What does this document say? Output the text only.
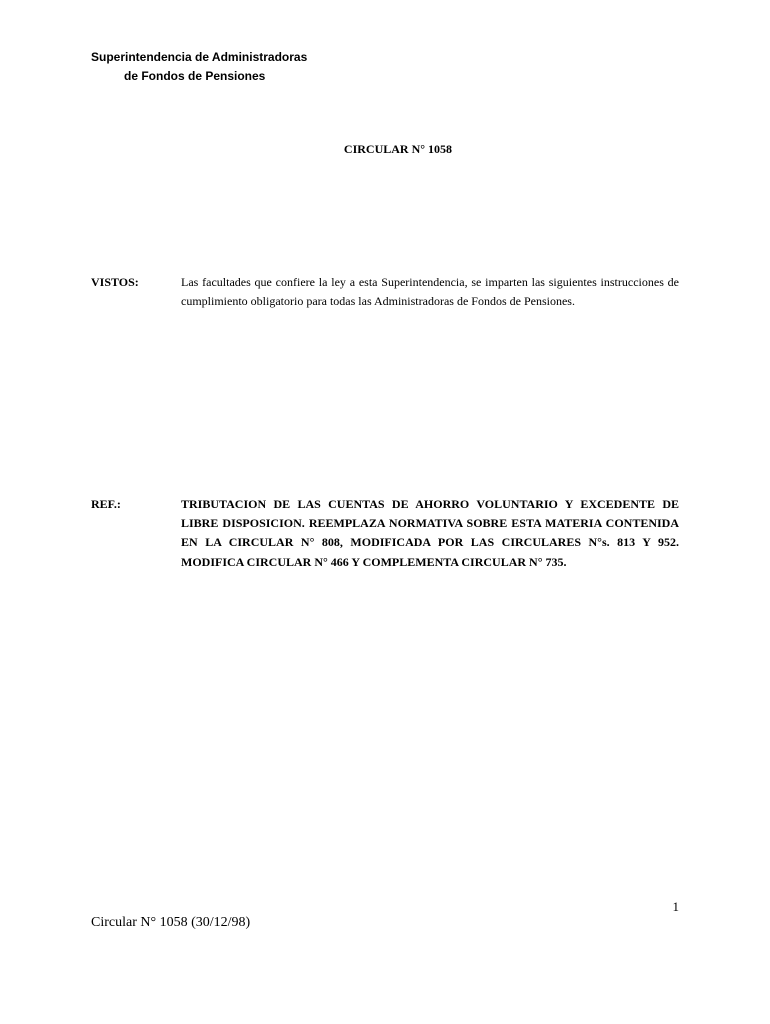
Superintendencia de Administradoras
de Fondos de Pensiones
CIRCULAR N° 1058
VISTOS:	Las facultades que confiere la ley a esta Superintendencia, se imparten las siguientes instrucciones de cumplimiento obligatorio para todas las Administradoras de Fondos de Pensiones.
REF.:	TRIBUTACION DE LAS CUENTAS DE AHORRO VOLUNTARIO Y EXCEDENTE DE LIBRE DISPOSICION. REEMPLAZA NORMATIVA SOBRE ESTA MATERIA CONTENIDA EN LA CIRCULAR N° 808, MODIFICADA POR LAS CIRCULARES N°s. 813 Y 952. MODIFICA CIRCULAR N° 466 Y COMPLEMENTA CIRCULAR N° 735.
1
Circular N° 1058 (30/12/98)
